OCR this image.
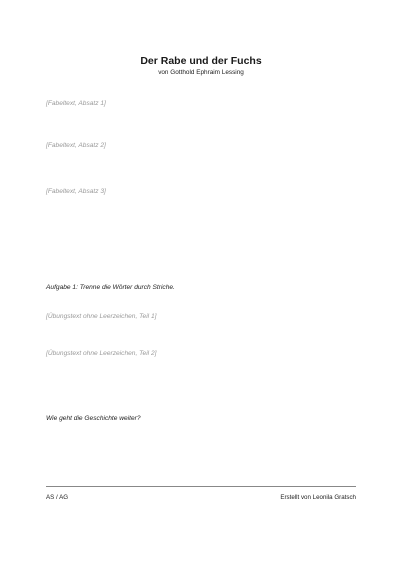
Der Rabe und der Fuchs

von Gotthold Ephraim Lessing

[Fabeltext, Absatz 1]

[Fabeltext, Absatz 2]

[Fabeltext, Absatz 3]

Aufgabe 1: Trenne die Wörter durch Striche.

[Übungstext ohne Leerzeichen, Teil 1]

[Übungstext ohne Leerzeichen, Teil 2]

Wie geht die Geschichte weiter?

AS / AG	Erstellt von Leonila Gratsch
